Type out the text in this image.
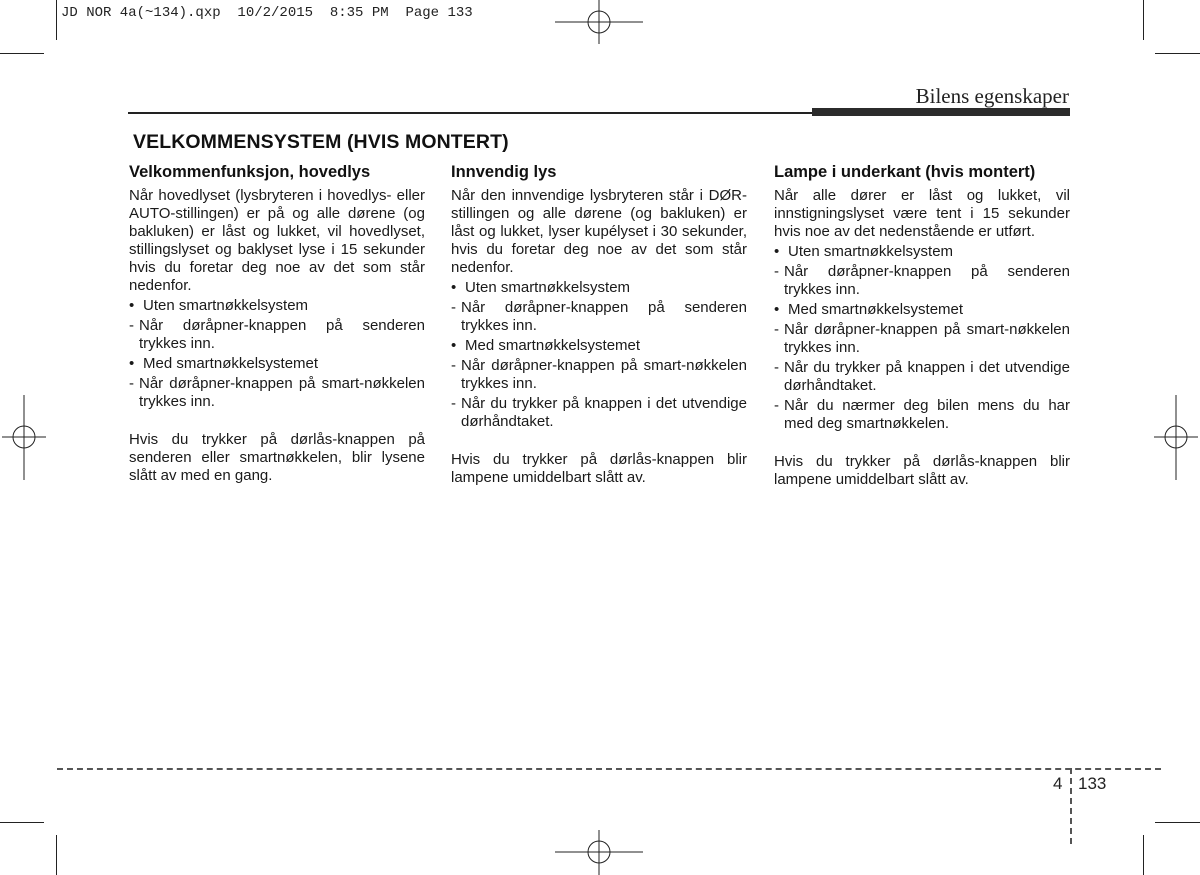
JD NOR 4a(~134).qxp  10/2/2015  8:35 PM  Page 133
Bilens egenskaper
VELKOMMENSYSTEM (HVIS MONTERT)
Velkommenfunksjon, hovedlys

Når hovedlyset (lysbryteren i hovedlys- eller AUTO-stillingen) er på og alle dørene (og bakluken) er låst og lukket, vil hovedlyset, stillingslyset og baklyset lyse i 15 sekunder hvis du foretar deg noe av det som står nedenfor.

• Uten smartnøkkelsystem
- Når døråpner-knappen på senderen trykkes inn.
• Med smartnøkkelsystemet
- Når døråpner-knappen på smart-nøkkelen trykkes inn.

Hvis du trykker på dørlås-knappen på senderen eller smartnøkkelen, blir lysene slått av med en gang.

Innvendig lys

Når den innvendige lysbryteren står i DØR-stillingen og alle dørene (og bakluken) er låst og lukket, lyser kupélyset i 30 sekunder, hvis du foretar deg noe av det som står nedenfor.

• Uten smartnøkkelsystem
- Når døråpner-knappen på senderen trykkes inn.
• Med smartnøkkelsystemet
- Når døråpner-knappen på smart-nøkkelen trykkes inn.
- Når du trykker på knappen i det utvendige dørhåndtaket.

Hvis du trykker på dørlås-knappen blir lampene umiddelbart slått av.

Lampe i underkant (hvis montert)

Når alle dører er låst og lukket, vil innstigningslyset være tent i 15 sekunder hvis noe av det nedenstående er utført.

• Uten smartnøkkelsystem
- Når døråpner-knappen på senderen trykkes inn.
• Med smartnøkkelsystemet
- Når døråpner-knappen på smart-nøkkelen trykkes inn.
- Når du trykker på knappen i det utvendige dørhåndtaket.
- Når du nærmer deg bilen mens du har med deg smartnøkkelen.

Hvis du trykker på dørlås-knappen blir lampene umiddelbart slått av.

4 133
